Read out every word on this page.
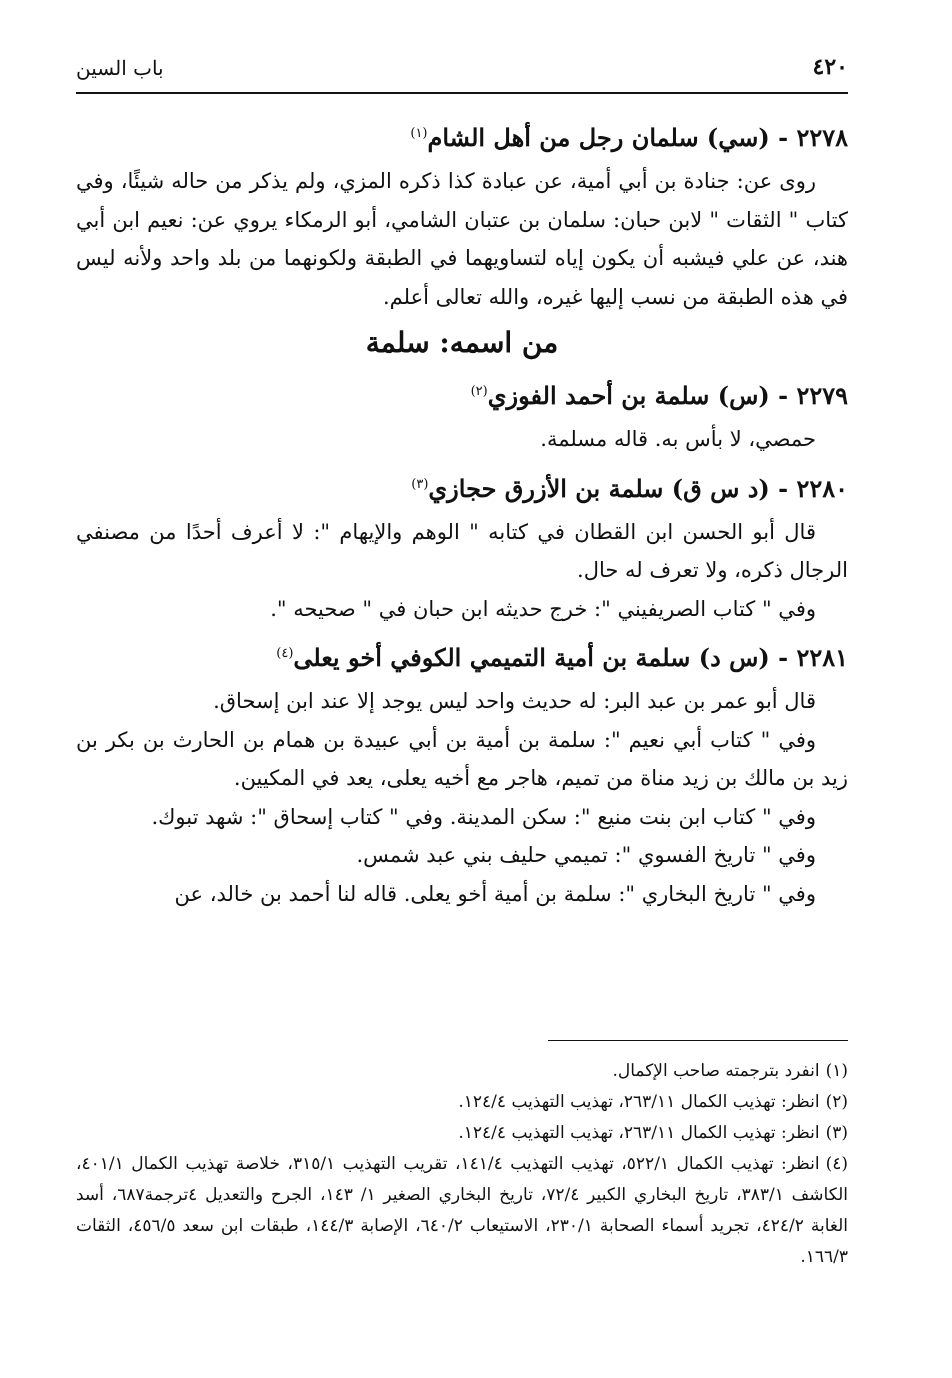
٤٢٠
باب السين
٢٢٧٨ - (سي) سلمان رجل من أهل الشام$^{(١)}$

روى عن: جنادة بن أبي أمية، عن عبادة كذا ذكره المزي، ولم يذكر من حاله شيئًا، وفي كتاب " الثقات " لابن حبان: سلمان بن عتبان الشامي، أبو الرمكاء يروي عن: نعيم ابن أبي هند، عن علي فيشبه أن يكون إياه لتساويهما في الطبقة ولكونهما من بلد واحد ولأنه ليس في هذه الطبقة من نسب إليها غيره، والله تعالى أعلم.

من اسمه: سلمة
٢٢٧٩ - (س) سلمة بن أحمد الفوزي$^{(٢)}$

حمصي، لا بأس به. قاله مسلمة.

٢٢٨٠ - (د س ق) سلمة بن الأزرق حجازي$^{(٣)}$

قال أبو الحسن ابن القطان في كتابه " الوهم والإيهام ": لا أعرف أحدًا من مصنفي الرجال ذكره، ولا تعرف له حال.

وفي " كتاب الصريفيني ": خرج حديثه ابن حبان في " صحيحه ".

٢٢٨١ - (س د) سلمة بن أمية التميمي الكوفي أخو يعلى$^{(٤)}$

قال أبو عمر بن عبد البر: له حديث واحد ليس يوجد إلا عند ابن إسحاق.

وفي " كتاب أبي نعيم ": سلمة بن أمية بن أبي عبيدة بن همام بن الحارث بن بكر بن زيد بن مالك بن زيد مناة من تميم، هاجر مع أخيه يعلى، يعد في المكيين.

وفي " كتاب ابن بنت منيع ": سكن المدينة. وفي " كتاب إسحاق ": شهد تبوك.

وفي " تاريخ الفسوي ": تميمي حليف بني عبد شمس.

وفي " تاريخ البخاري ": سلمة بن أمية أخو يعلى. قاله لنا أحمد بن خالد، عن

(١)انفرد بترجمته صاحب الإكمال.

(٢)انظر: تهذيب الكمال ٢٦٣/١١، تهذيب التهذيب ١٢٤/٤.

(٣)انظر: تهذيب الكمال ٢٦٣/١١، تهذيب التهذيب ١٢٤/٤.

(٤)انظر: تهذيب الكمال ٥٢٢/١، تهذيب التهذيب ١٤١/٤، تقريب التهذيب ٣١٥/١، خلاصة تهذيب الكمال ٤٠١/١، الكاشف ٣٨٣/١، تاريخ البخاري الكبير ٧٢/٤، تاريخ البخاري الصغير ١/ ١٤٣، الجرح والتعديل ٤ترجمة٦٨٧، أسد الغابة ٤٢٤/٢، تجريد أسماء الصحابة ٢٣٠/١، الاستيعاب ٦٤٠/٢، الإصابة ١٤٤/٣، طبقات ابن سعد ٤٥٦/٥، الثقات ١٦٦/٣.
